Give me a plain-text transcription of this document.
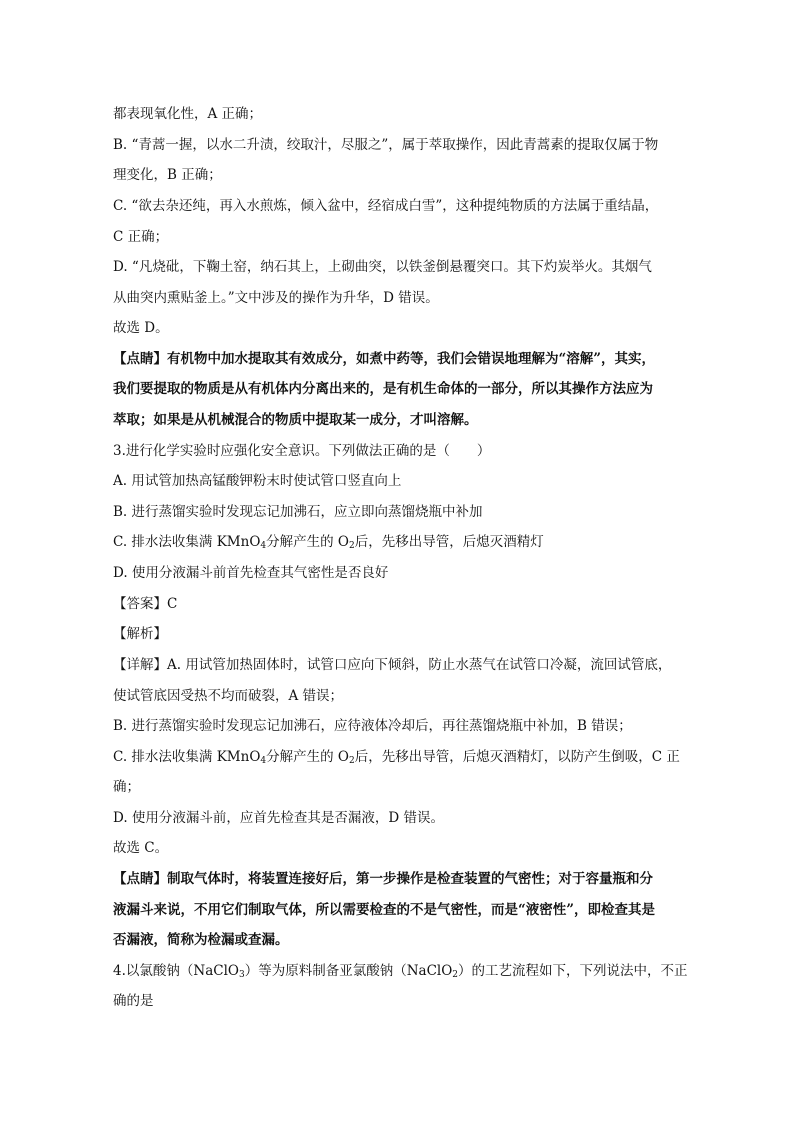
都表现氧化性，A 正确；
B. “青蒿一握，以水二升渍，绞取汁，尽服之”，属于萃取操作，因此青蒿素的提取仅属于物
理变化，B 正确；
C. “欲去杂还纯，再入水煎炼，倾入盆中，经宿成白雪”，这种提纯物质的方法属于重结晶，
C 正确；
D. “凡烧砒，下鞠土窑，纳石其上，上砌曲突，以铁釜倒悬覆突口。其下灼炭举火。其烟气
从曲突内熏贴釜上。”文中涉及的操作为升华，D 错误。
故选 D。
【点睛】有机物中加水提取其有效成分，如煮中药等，我们会错误地理解为“溶解”，其实，
我们要提取的物质是从有机体内分离出来的，是有机生命体的一部分，所以其操作方法应为
萃取；如果是从机械混合的物质中提取某一成分，才叫溶解。
3.进行化学实验时应强化安全意识。下列做法正确的是（　　）
A. 用试管加热高锰酸钾粉末时使试管口竖直向上
B. 进行蒸馏实验时发现忘记加沸石，应立即向蒸馏烧瓶中补加
C. 排水法收集满 KMnO$_4$分解产生的 $O_2$后，先移出导管，后熄灭酒精灯
D. 使用分液漏斗前首先检查其气密性是否良好
【答案】C
【解析】
【详解】A. 用试管加热固体时，试管口应向下倾斜，防止水蒸气在试管口冷凝，流回试管底，
使试管底因受热不均而破裂，A 错误；
B. 进行蒸馏实验时发现忘记加沸石，应待液体冷却后，再往蒸馏烧瓶中补加，B 错误；
C. 排水法收集满 KMnO$_4$分解产生的 $O_2$后，先移出导管，后熄灭酒精灯，以防产生倒吸，C 正
确；
D. 使用分液漏斗前，应首先检查其是否漏液，D 错误。
故选 C。
【点睛】制取气体时，将装置连接好后，第一步操作是检查装置的气密性；对于容量瓶和分
液漏斗来说，不用它们制取气体，所以需要检查的不是气密性，而是“液密性”，即检查其是
否漏液，简称为检漏或查漏。
4.以氯酸钠（NaClO$_3$）等为原料制备亚氯酸钠（NaClO$_2$）的工艺流程如下，下列说法中，不正
确的是
